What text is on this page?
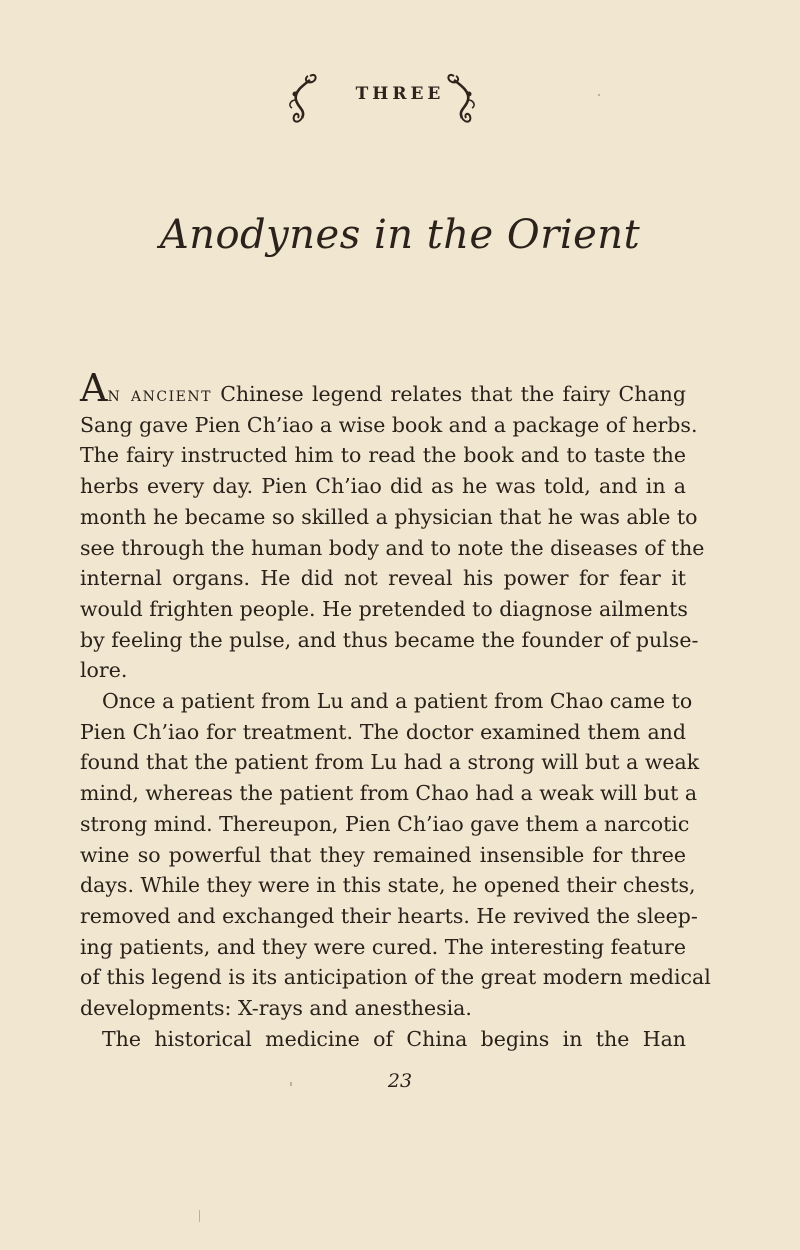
THREE
Anodynes in the Orient

An ancient Chinese legend relates that the fairy Chang
Sang gave Pien Ch’iao a wise book and a package of herbs.
The fairy instructed him to read the book and to taste the
herbs every day. Pien Ch’iao did as he was told, and in a
month he became so skilled a physician that he was able to
see through the human body and to note the diseases of the
internal organs. He did not reveal his power for fear it
would frighten people. He pretended to diagnose ailments
by feeling the pulse, and thus became the founder of pulse-
lore.

Once a patient from Lu and a patient from Chao came to
Pien Ch’iao for treatment. The doctor examined them and
found that the patient from Lu had a strong will but a weak
mind, whereas the patient from Chao had a weak will but a
strong mind. Thereupon, Pien Ch’iao gave them a narcotic
wine so powerful that they remained insensible for three
days. While they were in this state, he opened their chests,
removed and exchanged their hearts. He revived the sleep-
ing patients, and they were cured. The interesting feature
of this legend is its anticipation of the great modern medical
developments: X-rays and anesthesia.

The historical medicine of China begins in the Han

23
